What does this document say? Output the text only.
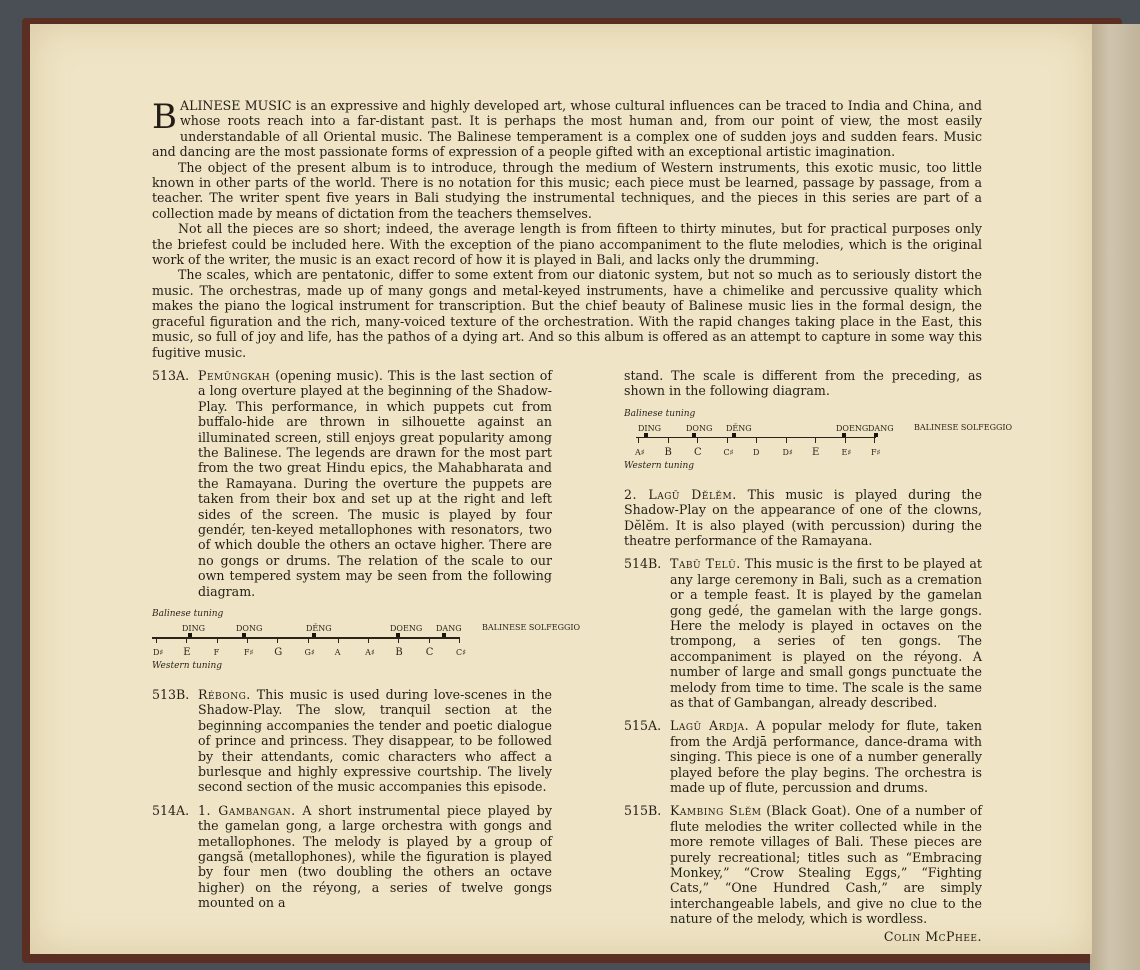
BALINESE MUSIC is an expressive and highly developed art, whose cultural influences can be traced to India and China, and whose roots reach into a far-distant past. It is perhaps the most human and, from our point of view, the most easily understandable of all Oriental music. The Balinese temperament is a complex one of sudden joys and sudden fears. Music and dancing are the most passionate forms of expression of a people gifted with an exceptional artistic imagination.

The object of the present album is to introduce, through the medium of Western instruments, this exotic music, too little known in other parts of the world. There is no notation for this music; each piece must be learned, passage by passage, from a teacher. The writer spent five years in Bali studying the instrumental techniques, and the pieces in this series are part of a collection made by means of dictation from the teachers themselves.

Not all the pieces are so short; indeed, the average length is from fifteen to thirty minutes, but for practical purposes only the briefest could be included here. With the exception of the piano accompaniment to the flute melodies, which is the original work of the writer, the music is an exact record of how it is played in Bali, and lacks only the drumming.

The scales, which are pentatonic, differ to some extent from our diatonic system, but not so much as to seriously distort the music. The orchestras, made up of many gongs and metal-keyed instruments, have a chimelike and percussive quality which makes the piano the logical instrument for transcription. But the chief beauty of Balinese music lies in the formal design, the graceful figuration and the rich, many-voiced texture of the orchestration. With the rapid changes taking place in the East, this music, so full of joy and life, has the pathos of a dying art. And so this album is offered as an attempt to capture in some way this fugitive music.

513A. Pemūngkah (opening music). This is the last section of a long overture played at the beginning of the Shadow-Play. This performance, in which puppets cut from buffalo-hide are thrown in silhouette against an illuminated screen, still enjoys great popularity among the Balinese. The legends are drawn for the most part from the two great Hindu epics, the Mahabharata and the Ramayana. During the overture the puppets are taken from their box and set up at the right and left sides of the screen. The music is played by four gendér, ten-keyed metallophones with resonators, two of which double the others an octave higher. There are no gongs or drums. The relation of the scale to our own tempered system may be seen from the following diagram.
Balinese tuning
BALINESE SOLFEGGIO
Western tuning
DING	DONG	DĚNG	DOENG DANG
D♯ E	F	F♯ G	G♯	A	A♯ B C	C♯
513B. Rébong. This music is used during love-scenes in the Shadow-Play. The slow, tranquil section at the beginning accompanies the tender and poetic dialogue of prince and princess. They disappear, to be followed by their attendants, comic characters who affect a burlesque and highly expressive courtship. The lively second section of the music accompanies this episode.
514A. 1. Gambangan. A short instrumental piece played by the gamelan gong, a large orchestra with gongs and metallophones. The melody is played by a group of gangsă (metallophones), while the figuration is played by four men (two doubling the others an octave higher) on the réyong, a series of twelve gongs mounted on a
stand. The scale is different from the preceding, as shown in the following diagram.
Balinese tuning
BALINESE SOLFEGGIO
Western tuning
DING	DONG DĚNG	DOENG DANG
A♯ B C	C♯ D	D♯ E	E♯ F♯
2. Lagū Dĕlĕm. This music is played during the Shadow-Play on the appearance of one of the clowns, Dĕlĕm. It is also played (with percussion) during the theatre performance of the Ramayana.
514B. Tabū Telū. This music is the first to be played at any large ceremony in Bali, such as a cremation or a temple feast. It is played by the gamelan gong gedé, the gamelan with the large gongs. Here the melody is played in octaves on the trompong, a series of ten gongs. The accompaniment is played on the réyong. A number of large and small gongs punctuate the melody from time to time. The scale is the same as that of Gambangan, already described.
515A. Lagū Ardja. A popular melody for flute, taken from the Ardjā performance, dance-drama with singing. This piece is one of a number generally played before the play begins. The orchestra is made up of flute, percussion and drums.
515B. Kambing Slĕm (Black Goat). One of a number of flute melodies the writer collected while in the more remote villages of Bali. These pieces are purely recreational; titles such as “Embracing Monkey,” “Crow Stealing Eggs,” “Fighting Cats,” “One Hundred Cash,” are simply interchangeable labels, and give no clue to the nature of the melody, which is wordless.
Colin McPhee.
